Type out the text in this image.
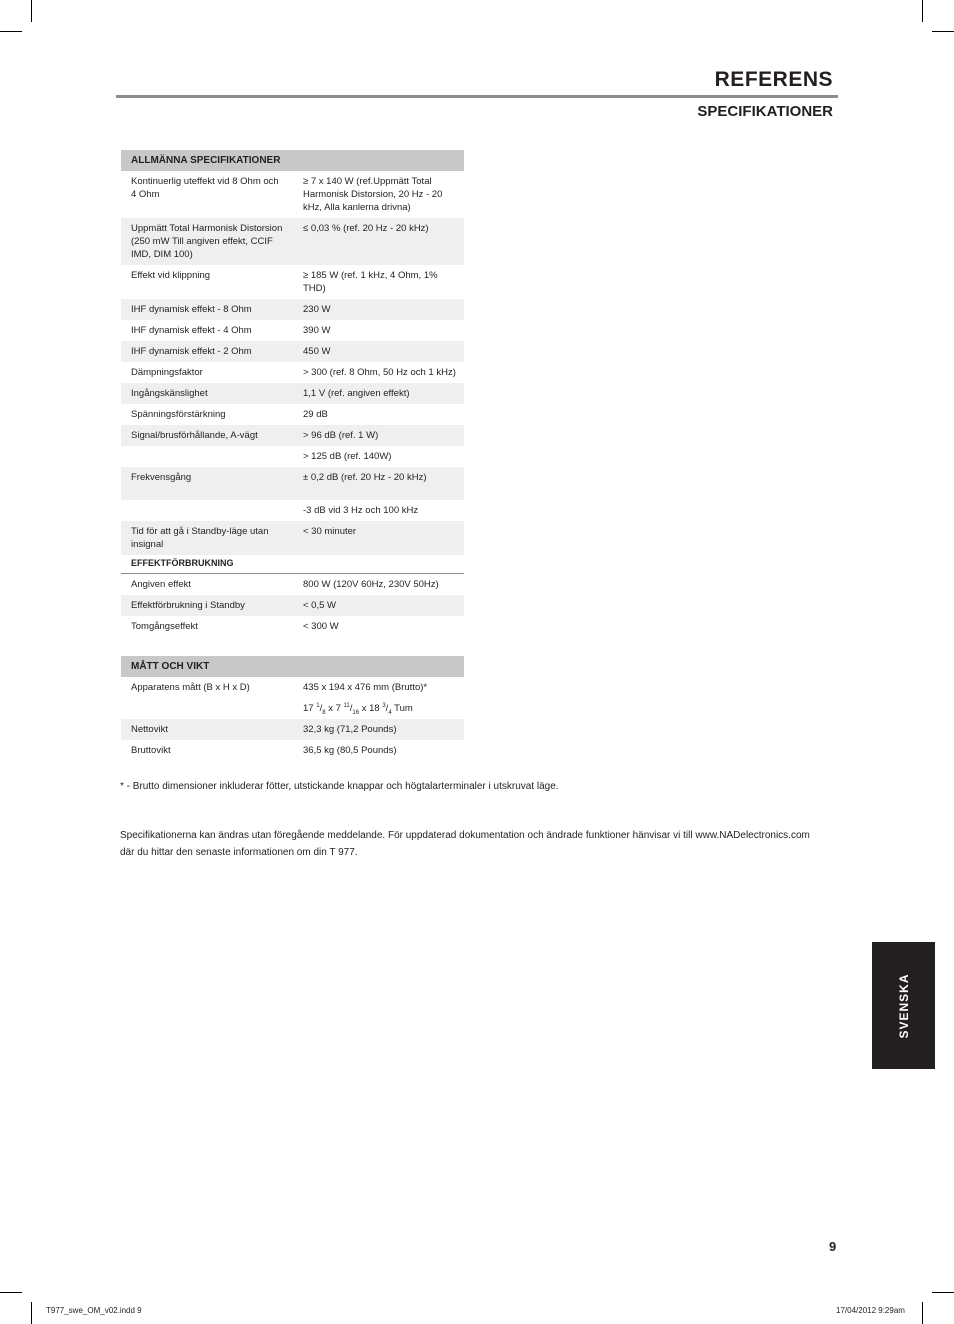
REFERENS
SPECIFIKATIONER
ALLMÄNNA SPECIFIKATIONER	
Kontinuerlig uteffekt vid 8 Ohm och 4 Ohm	≥ 7 x 140 W (ref.Uppmätt Total Harmonisk Distorsion, 20 Hz - 20 kHz, Alla kanlerna drivna)
Uppmätt Total Harmonisk Distorsion (250 mW Till angiven effekt, CCIF IMD, DIM 100)	≤ 0,03 % (ref. 20 Hz - 20 kHz)
Effekt vid klippning	≥ 185 W (ref. 1 kHz, 4 Ohm, 1% THD)
IHF dynamisk effekt - 8 Ohm	230 W
IHF dynamisk effekt - 4 Ohm	390 W
IHF dynamisk effekt - 2 Ohm	450 W
Dämpningsfaktor	> 300 (ref. 8 Ohm, 50 Hz och 1 kHz)
Ingångskänslighet	1,1 V (ref. angiven effekt)
Spänningsförstärkning	29 dB
Signal/brusförhållande, A-vägt	> 96 dB (ref. 1 W)
	> 125 dB (ref. 140W)
Frekvensgång	± 0,2 dB (ref. 20 Hz - 20 kHz)
	-3 dB vid 3 Hz och 100 kHz
Tid för att gå i Standby-läge utan insignal	< 30 minuter
EFFEKTFÖRBRUKNING	
Angiven effekt	800 W (120V 60Hz, 230V 50Hz)
Effektförbrukning i Standby	< 0,5 W
Tomgångseffekt	< 300 W
MÅTT OCH VIKT	
Apparatens mått (B x H x D)	435 x 194 x 476 mm (Brutto)*
	17 $^1/_8$ x 7 $^{11}/_{16}$ x 18 $^3/_4$ Tum
Nettovikt	32,3 kg (71,2 Pounds)
Bruttovikt	36,5 kg (80,5 Pounds)

* - Brutto dimensioner inkluderar fötter, utstickande knappar och högtalarterminaler i utskruvat läge.

Specifikationerna kan ändras utan föregående meddelande. För uppdaterad dokumentation och ändrade funktioner hänvisar vi till www.NADelectronics.com

där du hittar den senaste informationen om din T 977.

SVENSKA
9
T977_swe_OM_v02.indd 9	17/04/2012 9:29am
